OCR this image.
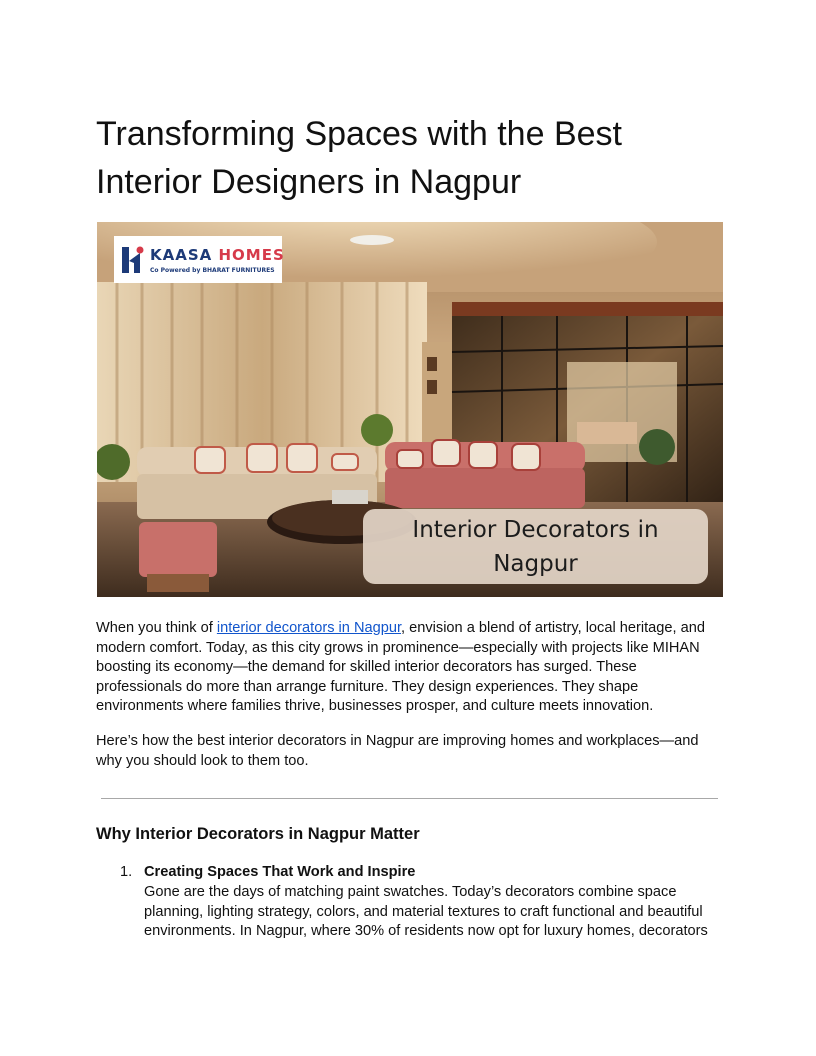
Transforming Spaces with the Best Interior Designers in Nagpur
KAASA HOMES
Co Powered by BHARAT FURNITURES
Interior Decorators in Nagpur

When you think of interior decorators in Nagpur, envision a blend of artistry, local heritage, and modern comfort. Today, as this city grows in prominence—especially with projects like MIHAN boosting its economy—the demand for skilled interior decorators has surged. These professionals do more than arrange furniture. They design experiences. They shape environments where families thrive, businesses prosper, and culture meets innovation.

Here’s how the best interior decorators in Nagpur are improving homes and workplaces—and why you should look to them too.

Why Interior Decorators in Nagpur Matter
1. Creating Spaces That Work and Inspire

Gone are the days of matching paint swatches. Today’s decorators combine space planning, lighting strategy, colors, and material textures to craft functional and beautiful environments. In Nagpur, where 30% of residents now opt for luxury homes, decorators
